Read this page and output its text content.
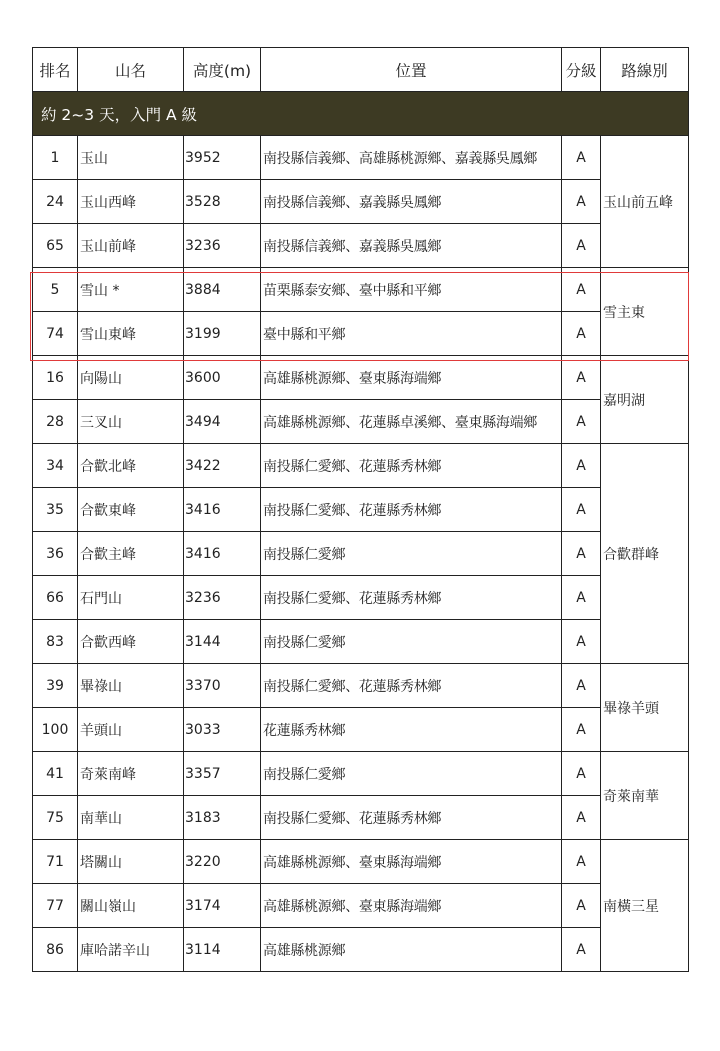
排名	山名	高度(m)	位置	分級	路線別
約 2~3 天，入門 A 級					
1	玉山	3952	南投縣信義鄉、高雄縣桃源鄉、嘉義縣吳鳳鄉	A	玉山前五峰
24	玉山西峰	3528	南投縣信義鄉、嘉義縣吳鳳鄉	A	
65	玉山前峰	3236	南投縣信義鄉、嘉義縣吳鳳鄉	A	
5	雪山 *	3884	苗栗縣泰安鄉、臺中縣和平鄉	A	雪主東
74	雪山東峰	3199	臺中縣和平鄉	A	
16	向陽山	3600	高雄縣桃源鄉、臺東縣海端鄉	A	嘉明湖
28	三叉山	3494	高雄縣桃源鄉、花蓮縣卓溪鄉、臺東縣海端鄉	A	
34	合歡北峰	3422	南投縣仁愛鄉、花蓮縣秀林鄉	A	合歡群峰
35	合歡東峰	3416	南投縣仁愛鄉、花蓮縣秀林鄉	A	
36	合歡主峰	3416	南投縣仁愛鄉	A	
66	石門山	3236	南投縣仁愛鄉、花蓮縣秀林鄉	A	
83	合歡西峰	3144	南投縣仁愛鄉	A	
39	畢祿山	3370	南投縣仁愛鄉、花蓮縣秀林鄉	A	畢祿羊頭
100	羊頭山	3033	花蓮縣秀林鄉	A	
41	奇萊南峰	3357	南投縣仁愛鄉	A	奇萊南華
75	南華山	3183	南投縣仁愛鄉、花蓮縣秀林鄉	A	
71	塔關山	3220	高雄縣桃源鄉、臺東縣海端鄉	A	南橫三星
77	關山嶺山	3174	高雄縣桃源鄉、臺東縣海端鄉	A	
86	庫哈諾辛山	3114	高雄縣桃源鄉	A	
